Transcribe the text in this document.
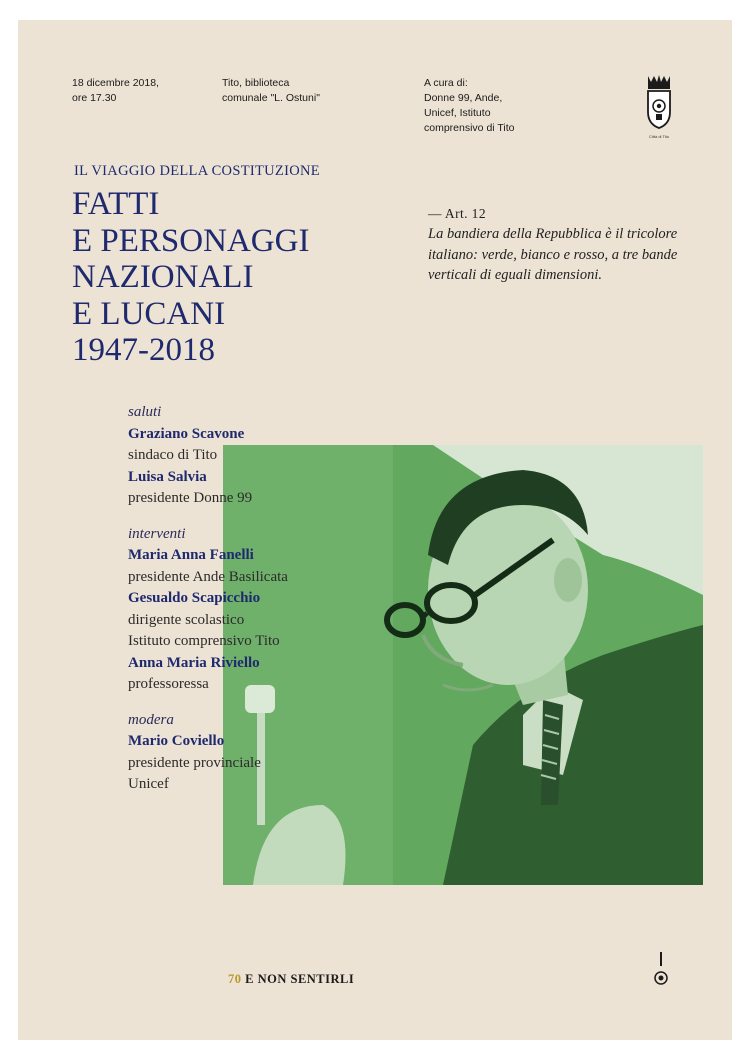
18 dicembre 2018,
ore 17.30
Tito, biblioteca
comunale "L. Ostuni"
A cura di:
Donne 99, Ande,
Unicef, Istituto
comprensivo di Tito
Città di Tito
IL VIAGGIO DELLA COSTITUZIONE
FATTI
E PERSONAGGI
NAZIONALI
E LUCANI
1947-2018
— Art. 12
La bandiera della Repubblica è il tricolore italiano: verde, bianco e rosso, a tre bande verticali di eguali dimensioni.
saluti
Graziano Scavone
sindaco di Tito
Luisa Salvia
presidente Donne 99
interventi
Maria Anna Fanelli
presidente Ande Basilicata
Gesualdo Scapicchio
dirigente scolastico
Istituto comprensivo Tito
Anna Maria Riviello
professoressa
modera
Mario Coviello
presidente provinciale
Unicef
70 E NON SENTIRLI
